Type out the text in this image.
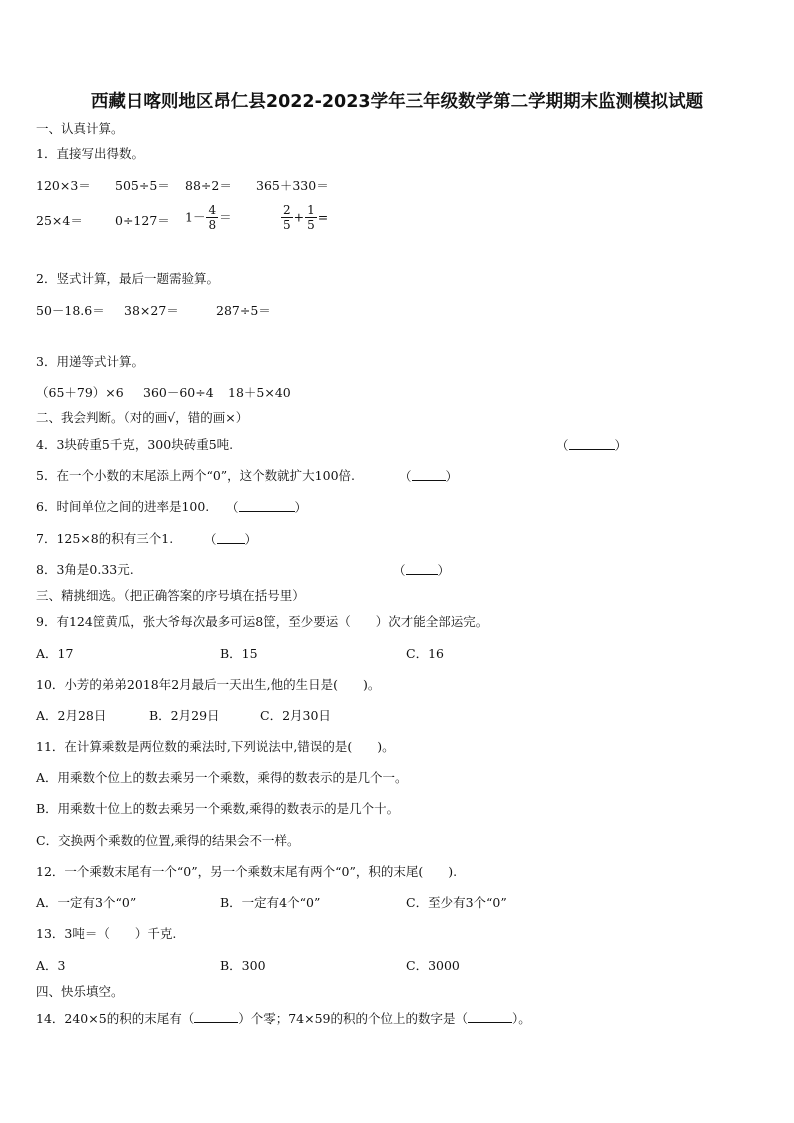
西藏日喀则地区昂仁县2022-2023学年三年级数学第二学期期末监测模拟试题
一、认真计算。
1．直接写出得数。
120×3＝ 505÷5＝ 88÷2＝ 365＋330＝
25×4＝	$0\div 127= 1- \frac{4}{8}$ ＝	$\frac{2}{5} + \frac{1}{5}$ =
2．竖式计算，最后一题需验算。
50－18.6＝ 38×27＝	287÷5＝
3．用递等式计算。
（65＋79）×6 360－60÷4 18＋5×40
二、我会判断。（对的画√，错的画×）
4．3块砖重5千克，300块砖重5吨.	（	）
5．在一个小数的末尾添上两个“0”，这个数就扩大100倍.	（	）
6．时间单位之间的进率是100. （	）
7．125×8的积有三个1. （ ）
8．3角是0.33元.	（	）
三、精挑细选。（把正确答案的序号填在括号里）
9．有124筐黄瓜，张大爷每次最多可运8筐，至少要运（　　）次才能全部运完。
A．17	B．15	C．16
10．小芳的弟弟2018年2月最后一天出生,他的生日是(　　)。
A．2月28日	B．2月29日	C．2月30日
11．在计算乘数是两位数的乘法时,下列说法中,错误的是(　　)。
A．用乘数个位上的数去乘另一个乘数，乘得的数表示的是几个一。
B．用乘数十位上的数去乘另一个乘数,乘得的数表示的是几个十。
C．交换两个乘数的位置,乘得的结果会不一样。
12．一个乘数末尾有一个“0”，另一个乘数末尾有两个“0”，积的末尾(　　).
A．一定有3个“0”	B．一定有4个“0”	C．至少有3个“0”
13．3吨＝（　　）千克.
A．3	B．300	C．3000
四、快乐填空。
14．240×5的积的末尾有（	）个零；74×59的积的个位上的数字是（	）。
